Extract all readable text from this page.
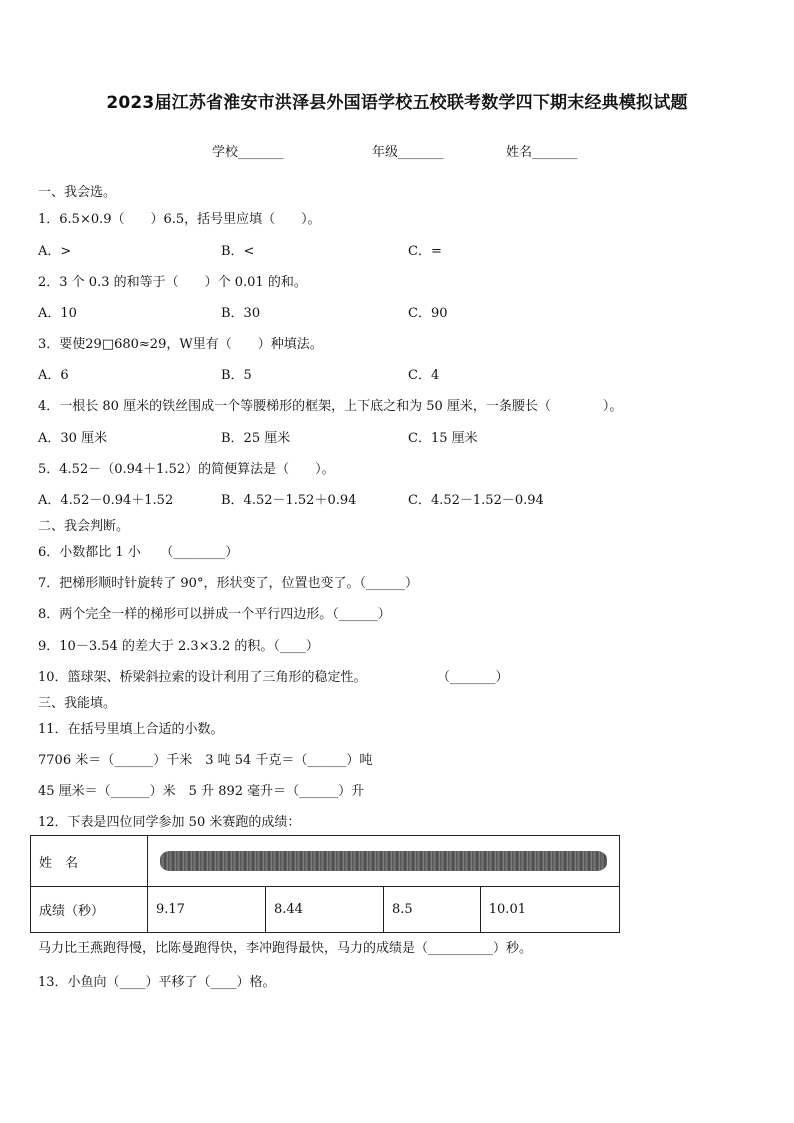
2023届江苏省淮安市洪泽县外国语学校五校联考数学四下期末经典模拟试题
学校_______	年级_______	姓名_______
一、我会选。
1．6.5×0.9（　　）6.5，括号里应填（　　）。
A．>	B．<	C．=
2．3 个 0.3 的和等于（　　）个 0.01 的和。
A．10	B．30	C．90
3．要使29□680≈29，W里有（　　）种填法。
A．6	B．5	C．4
4．一根长 80 厘米的铁丝围成一个等腰梯形的框架，上下底之和为 50 厘米，一条腰长（　　　　）。
A．30 厘米	B．25 厘米	C．15 厘米
5．4.52－（0.94＋1.52）的简便算法是（　　）。
A．4.52－0.94＋1.52	B．4.52－1.52＋0.94	C．4.52－1.52－0.94
二、我会判断。
6．小数都比 1 小　　（________）
7．把梯形顺时针旋转了 90°，形状变了，位置也变了。（______）
8．两个完全一样的梯形可以拼成一个平行四边形。（______）
9．10－3.54 的差大于 2.3×3.2 的积。（____）
10．篮球架、桥梁斜拉索的设计利用了三角形的稳定性。	（_______）
三、我能填。
11．在括号里填上合适的小数。
7706 米＝（______）千米　3 吨 54 千克＝（______）吨
45 厘米＝（______）米　5 升 892 毫升＝（______）升
12．下表是四位同学参加 50 米赛跑的成绩：
姓　名				

成绩（秒）	9.17	8.44	8.5	10.01
马力比王燕跑得慢，比陈曼跑得快，李冲跑得最快，马力的成绩是（__________）秒。
13．小鱼向（____）平移了（____）格。
